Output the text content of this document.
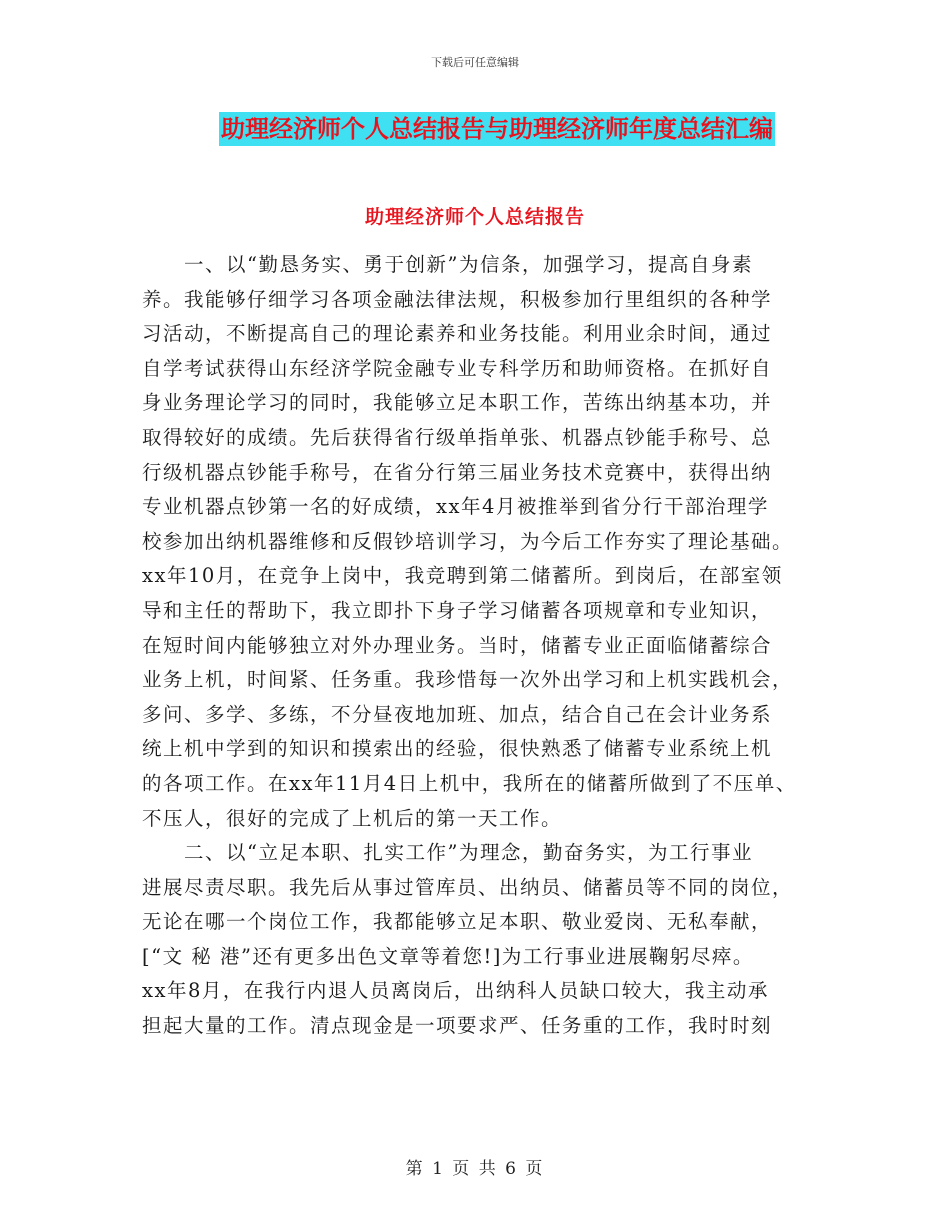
下载后可任意编辑
助理经济师个人总结报告与助理经济师年度总结汇编
助理经济师个人总结报告
　　一、以“勤恳务实、勇于创新”为信条，加强学习，提高自身素
养。我能够仔细学习各项金融法律法规，积极参加行里组织的各种学
习活动，不断提高自己的理论素养和业务技能。利用业余时间，通过
自学考试获得山东经济学院金融专业专科学历和助师资格。在抓好自
身业务理论学习的同时，我能够立足本职工作，苦练出纳基本功，并
取得较好的成绩。先后获得省行级单指单张、机器点钞能手称号、总
行级机器点钞能手称号，在省分行第三届业务技术竞赛中，获得出纳
专业机器点钞第一名的好成绩，xx年4月被推举到省分行干部治理学
校参加出纳机器维修和反假钞培训学习，为今后工作夯实了理论基础。
xx年10月，在竞争上岗中，我竞聘到第二储蓄所。到岗后，在部室领
导和主任的帮助下，我立即扑下身子学习储蓄各项规章和专业知识，
在短时间内能够独立对外办理业务。当时，储蓄专业正面临储蓄综合
业务上机，时间紧、任务重。我珍惜每一次外出学习和上机实践机会，
多问、多学、多练，不分昼夜地加班、加点，结合自己在会计业务系
统上机中学到的知识和摸索出的经验，很快熟悉了储蓄专业系统上机
的各项工作。在xx年11月4日上机中，我所在的储蓄所做到了不压单、
不压人，很好的完成了上机后的第一天工作。
　　二、以“立足本职、扎实工作”为理念，勤奋务实，为工行事业
进展尽责尽职。我先后从事过管库员、出纳员、储蓄员等不同的岗位，
无论在哪一个岗位工作，我都能够立足本职、敬业爱岗、无私奉献，
[“文 秘 港”还有更多出色文章等着您!]为工行事业进展鞠躬尽瘁。
xx年8月，在我行内退人员离岗后，出纳科人员缺口较大，我主动承
担起大量的工作。清点现金是一项要求严、任务重的工作，我时时刻
第 1 页 共 6 页
